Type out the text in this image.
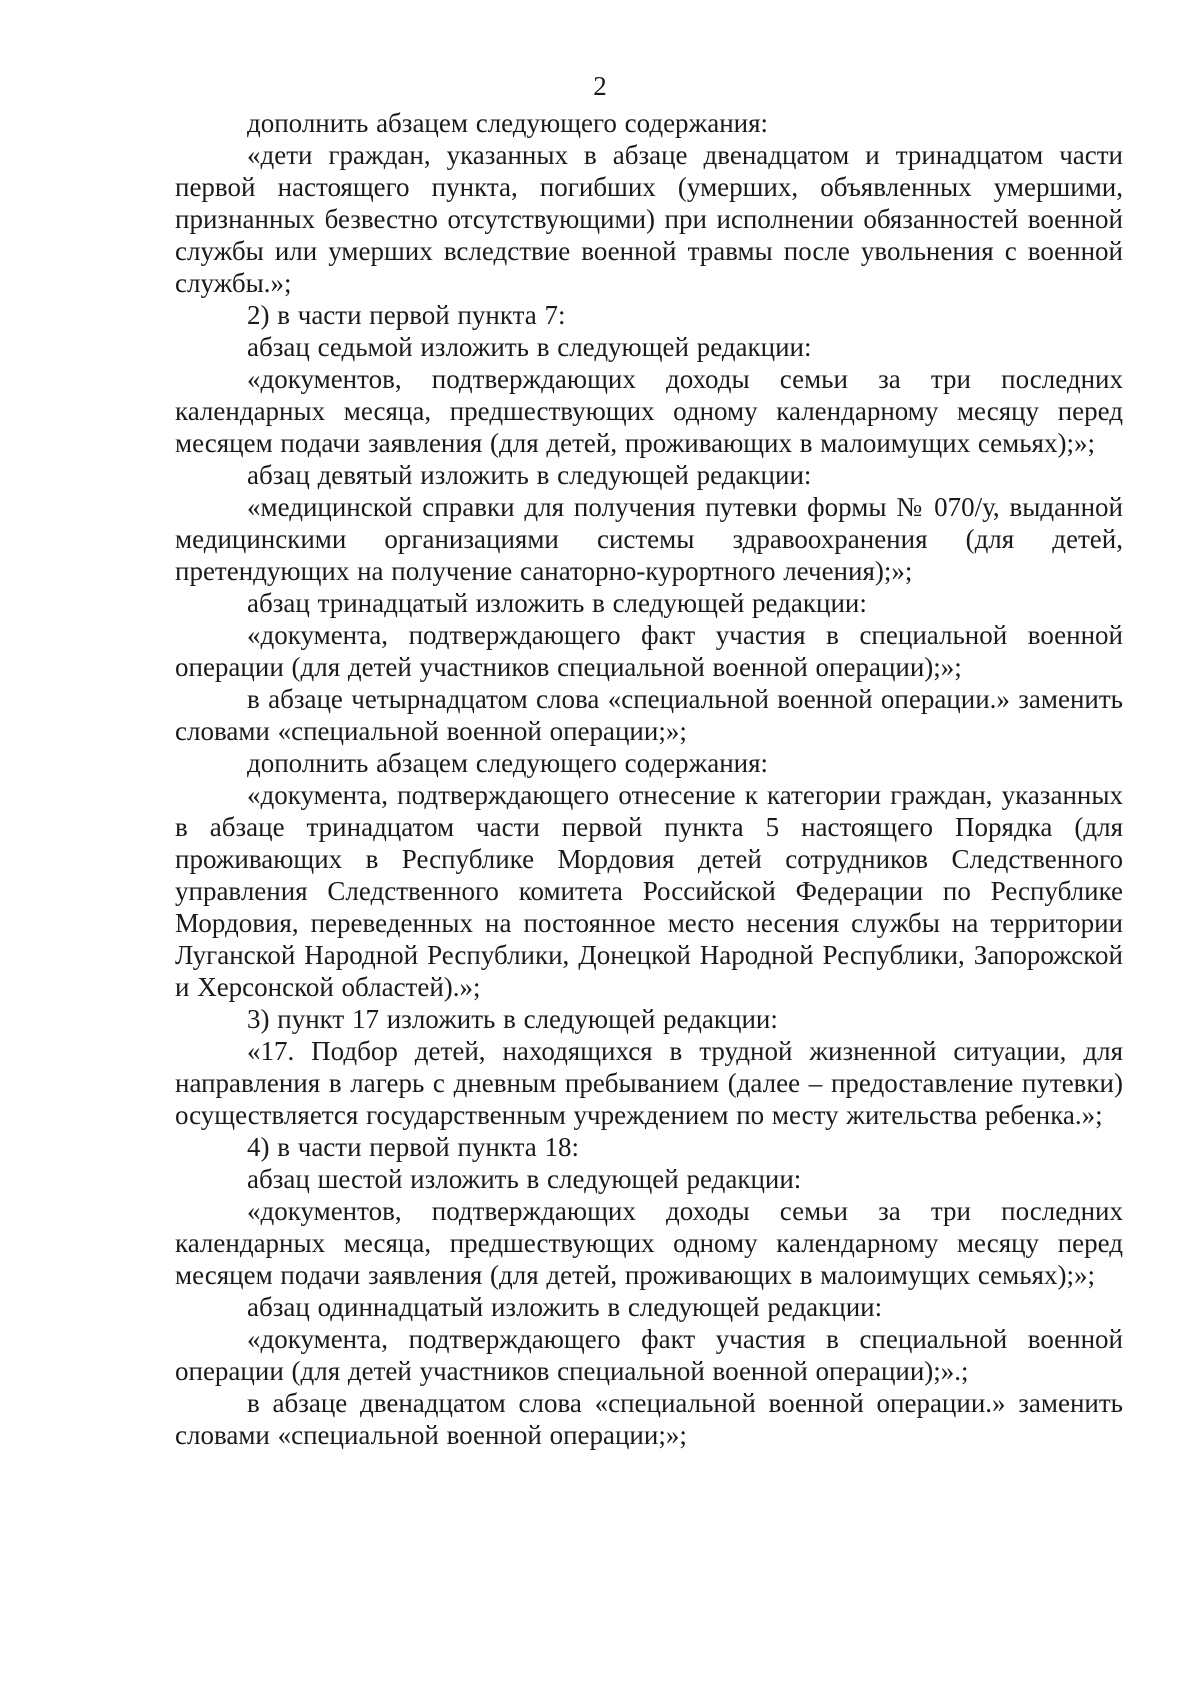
2

дополнить абзацем следующего содержания:

«дети граждан, указанных в абзаце двенадцатом и тринадцатом части первой настоящего пункта, погибших (умерших, объявленных умершими, признанных безвестно отсутствующими) при исполнении обязанностей военной службы или умерших вследствие военной травмы после увольнения с военной службы.»;

2) в части первой пункта 7:

абзац седьмой изложить в следующей редакции:

«документов, подтверждающих доходы семьи за три последних календарных месяца, предшествующих одному календарному месяцу перед месяцем подачи заявления (для детей, проживающих в малоимущих семьях);»;

абзац девятый изложить в следующей редакции:

«медицинской справки для получения путевки формы № 070/у, выданной медицинскими организациями системы здравоохранения (для детей, претендующих на получение санаторно-курортного лечения);»;

абзац тринадцатый изложить в следующей редакции:

«документа, подтверждающего факт участия в специальной военной операции (для детей участников специальной военной операции);»;

в абзаце четырнадцатом слова «специальной военной операции.» заменить словами «специальной военной операции;»;

дополнить абзацем следующего содержания:

«документа, подтверждающего отнесение к категории граждан, указанных в абзаце тринадцатом части первой пункта 5 настоящего Порядка (для проживающих в Республике Мордовия детей сотрудников Следственного управления Следственного комитета Российской Федерации по Республике Мордовия, переведенных на постоянное место несения службы на территории Луганской Народной Республики, Донецкой Народной Республики, Запорожской и Херсонской областей).»;

3) пункт 17 изложить в следующей редакции:

«17. Подбор детей, находящихся в трудной жизненной ситуации, для направления в лагерь с дневным пребыванием (далее – предоставление путевки) осуществляется государственным учреждением по месту жительства ребенка.»;

4) в части первой пункта 18:

абзац шестой изложить в следующей редакции:

«документов, подтверждающих доходы семьи за три последних календарных месяца, предшествующих одному календарному месяцу перед месяцем подачи заявления (для детей, проживающих в малоимущих семьях);»;

абзац одиннадцатый изложить в следующей редакции:

«документа, подтверждающего факт участия в специальной военной операции (для детей участников специальной военной операции);».;

в абзаце двенадцатом слова «специальной военной операции.» заменить словами «специальной военной операции;»;
